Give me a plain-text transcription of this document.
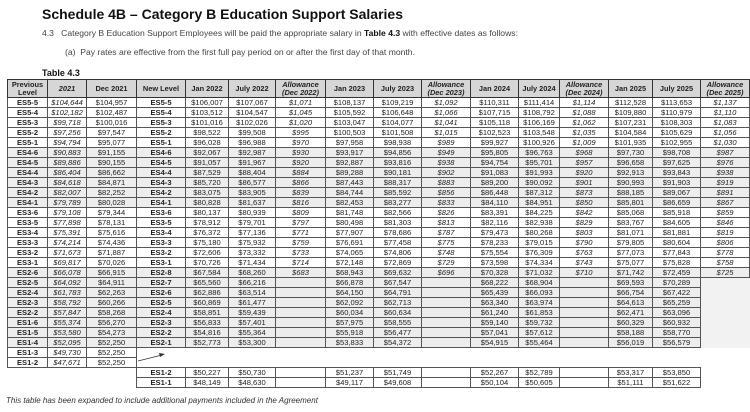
Schedule 4B – Category B Education Support Salaries
4.3 Category B Education Support Employees will be paid the appropriate salary in Table 4.3 with effective dates as follows:
(a) Pay rates are effective from the first full pay period on or after the first day of that month.
Table 4.3
Previous Level	2021	Dec 2021	New Level	Jan 2022	July 2022	Allowance (Dec 2022)	Jan 2023	July 2023	Allowance (Dec 2023)	Jan 2024	July 2024	Allowance (Dec 2024)	Jan 2025	July 2025	Allowance (Dec 2025)
ES5-5	$104,644	$104,957	ES5-5	$106,007	$107,067	$1,071	$108,137	$109,219	$1,092	$110,311	$111,414	$1,114	$112,528	$113,653	$1,137
ES5-4	$102,182	$102,487	ES5-4	$103,512	$104,547	$1,045	$105,592	$106,648	$1,066	$107,715	$108,792	$1,088	$109,880	$110,979	$1,110
ES5-3	$99,718	$100,016	ES5-3	$101,016	$102,026	$1,020	$103,047	$104,077	$1,041	$105,118	$106,169	$1,062	$107,231	$108,303	$1,083
ES5-2	$97,256	$97,547	ES5-2	$98,522	$99,508	$995	$100,503	$101,508	$1,015	$102,523	$103,548	$1,035	$104,584	$105,629	$1,056
ES5-1	$94,794	$95,077	ES5-1	$96,028	$96,988	$970	$97,958	$98,938	$989	$99,927	$100,926	$1,009	$101,935	$102,955	$1,030
ES4-6	$90,883	$91,155	ES4-6	$92,067	$92,987	$930	$93,917	$94,856	$949	$95,805	$96,763	$968	$97,730	$98,708	$987
ES4-5	$89,886	$90,155	ES4-5	$91,057	$91,967	$920	$92,887	$93,816	$938	$94,754	$95,701	$957	$96,658	$97,625	$976
ES4-4	$86,404	$86,662	ES4-4	$87,529	$88,404	$884	$89,288	$90,181	$902	$91,083	$91,993	$920	$92,913	$93,843	$938
ES4-3	$84,618	$84,871	ES4-3	$85,720	$86,577	$866	$87,443	$88,317	$883	$89,200	$90,092	$901	$90,993	$91,903	$919
ES4-2	$82,007	$82,252	ES4-2	$83,075	$83,905	$839	$84,744	$85,592	$856	$86,448	$87,312	$873	$88,185	$89,067	$891
ES4-1	$79,789	$80,028	ES4-1	$80,828	$81,637	$816	$82,453	$83,277	$833	$84,110	$84,951	$850	$85,801	$86,659	$867
ES3-6	$79,108	$79,344	ES3-6	$80,137	$80,939	$809	$81,748	$82,566	$826	$83,391	$84,225	$842	$85,068	$85,918	$859
ES3-5	$77,898	$78,131	ES3-5	$78,912	$79,701	$797	$80,498	$81,303	$813	$82,116	$82,938	$829	$83,767	$84,605	$846
ES3-4	$75,391	$75,616	ES3-4	$76,372	$77,136	$771	$77,907	$78,686	$787	$79,473	$80,268	$803	$81,071	$81,881	$819
ES3-3	$74,214	$74,436	ES3-3	$75,180	$75,932	$759	$76,691	$77,458	$775	$78,233	$79,015	$790	$79,805	$80,604	$806
ES3-2	$71,673	$71,887	ES3-2	$72,606	$73,332	$733	$74,065	$74,806	$748	$75,554	$76,309	$763	$77,073	$77,843	$778
ES3-1	$69,817	$70,026	ES3-1	$70,726	$71,434	$714	$72,148	$72,869	$729	$73,598	$74,334	$743	$75,077	$75,828	$758
ES2-6	$66,078	$66,915	ES2-8	$67,584	$68,260	$683	$68,943	$69,632	$696	$70,328	$71,032	$710	$71,742	$72,459	$725
ES2-5	$64,092	$64,911	ES2-7	$65,560	$66,216		$66,878	$67,547		$68,222	$68,904		$69,593	$70,289	
ES2-4	$61,783	$62,263	ES2-6	$62,886	$63,514		$64,150	$64,791		$65,439	$66,093		$66,754	$67,422	
ES2-3	$58,792	$60,266	ES2-5	$60,869	$61,477		$62,092	$62,713		$63,340	$63,974		$64,613	$65,259	
ES2-2	$57,847	$58,268	ES2-4	$58,851	$59,439		$60,034	$60,634		$61,240	$61,853		$62,471	$63,096	
ES1-6	$55,374	$56,270	ES2-3	$56,833	$57,401		$57,975	$58,555		$59,140	$59,732		$60,329	$60,932	
ES1-5	$53,580	$54,273	ES2-2	$54,816	$55,364		$55,918	$56,477		$57,041	$57,612		$58,188	$58,770	
ES1-4	$52,095	$52,250	ES2-1	$52,773	$53,300		$53,833	$54,372		$54,915	$55,464		$56,019	$56,579	
ES1-3	$49,730	$52,250													
ES1-2	$47,671	$52,250													
			ES1-2	$50,227	$50,730		$51,237	$51,749		$52,267	$52,789		$53,317	$53,850	
			ES1-1	$48,149	$48,630		$49,117	$49,608		$50,104	$50,605		$51,111	$51,622	
This table has been expanded to include additional payments included in the Agreement
